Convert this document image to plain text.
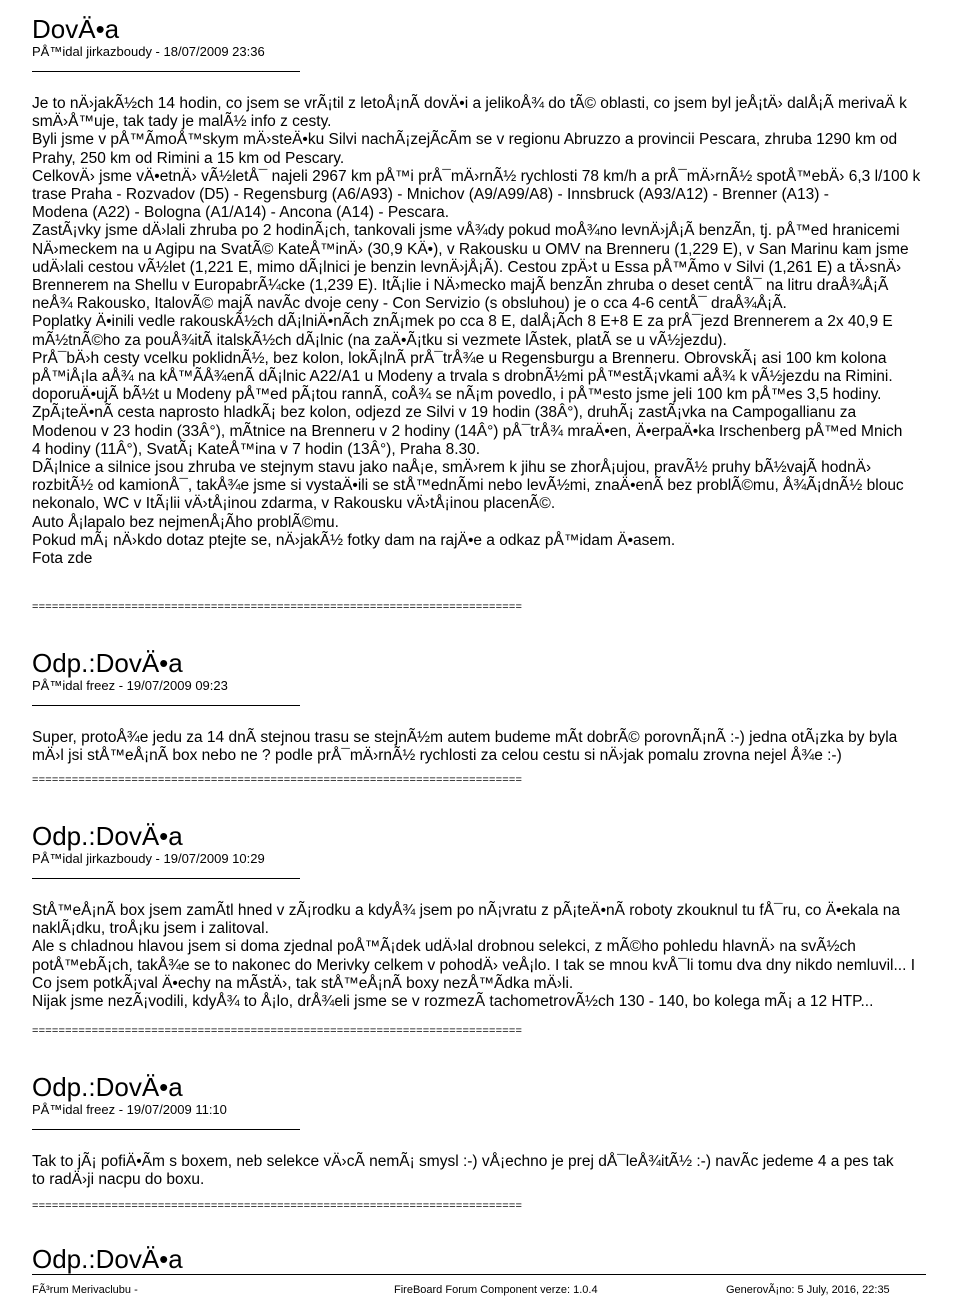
DovÄ•a
PÅ™idal jirkazboudy - 18/07/2009 23:36
Je to nÄ›jakÃ½ch 14 hodin, co jsem se vrÃ¡til z letoÅ¡nÃ dovÄ•i a jelikoÅ¾ do tÃ© oblasti, co jsem byl jeÅ¡tÄ› dalÅ¡Ã merivaÄ k
smÄ›Å™uje, tak tady je malÃ½ info z cesty.
Byli jsme v pÅ™ÃmoÅ™skym mÄ›steÄ•ku Silvi nachÃ¡zejÃcÃm se v regionu Abruzzo a provincii Pescara, zhruba 1290 km od
Prahy, 250 km od Rimini a 15 km od Pescary.
CelkovÄ› jsme vÄ•etnÄ› vÃ½letÅ¯ najeli 2967 km pÅ™i prÅ¯mÄ›rnÃ½ rychlosti 78 km/h a prÅ¯mÄ›rnÃ½ spotÅ™ebÄ› 6,3 l/100 k
trase Praha - Rozvadov (D5) - Regensburg (A6/A93) - Mnichov (A9/A99/A8) - Innsbruck (A93/A12) - Brenner (A13) -
Modena (A22) - Bologna (A1/A14) - Ancona (A14) - Pescara.
ZastÃ¡vky jsme dÄ›lali zhruba po 2 hodinÃ¡ch, tankovali jsme vÅ¾dy pokud moÅ¾no levnÄ›jÅ¡Ã benzÃn, tj. pÅ™ed hranicemi
NÄ›meckem na u Agipu na SvatÃ© KateÅ™inÄ› (30,9 KÄ•), v Rakousku u OMV na Brenneru (1,229 E), v San Marinu kam jsme
udÄ›lali cestou vÃ½let (1,221 E, mimo dÃ¡lnici je benzin levnÄ›jÅ¡Ã). Cestou zpÄ›t u Essa pÅ™Ãmo v Silvi (1,261 E) a tÄ›snÄ›
Brennerem na Shellu v EuropabrÃ¼cke (1,239 E). ItÃ¡lie i NÄ›mecko majÃ benzÃn zhruba o deset centÅ¯ na litru draÅ¾Å¡Ã
neÅ¾ Rakousko, ItalovÃ© majÃ navÃc dvoje ceny - Con Servizio (s obsluhou) je o cca 4-6 centÅ¯ draÅ¾Å¡Ã.
Poplatky Ä•inili vedle rakouskÃ½ch dÃ¡lniÄ•nÃch znÃ¡mek po cca 8 E, dalÅ¡Ãch 8 E+8 E za prÅ¯jezd Brennerem a 2x 40,9 E
mÃ½tnÃ©ho za pouÅ¾itÃ italskÃ½ch dÃ¡lnic (na zaÄ•Ã¡tku si vezmete lÃstek, platÃ se u vÃ½jezdu).
PrÅ¯bÄ›h cesty vcelku poklidnÃ½, bez kolon, lokÃ¡lnÃ prÅ¯trÅ¾e u Regensburgu a Brenneru. ObrovskÃ¡ asi 100 km kolona
pÅ™iÅ¡la aÅ¾ na kÅ™ÃÅ¾enÃ dÃ¡lnic A22/A1 u Modeny a trvala s drobnÃ½mi pÅ™estÃ¡vkami aÅ¾ k vÃ½jezdu na Rimini.
doporuÄ•ujÃ bÃ½t u Modeny pÅ™ed pÃ¡tou rannÃ, coÅ¾ se nÃ¡m povedlo, i pÅ™esto jsme jeli 100 km pÅ™es 3,5 hodiny.
ZpÃ¡teÄ•nÃ cesta naprosto hladkÃ¡ bez kolon, odjezd ze Silvi v 19 hodin (38Â°), druhÃ¡ zastÃ¡vka na Campogallianu za
Modenou v 23 hodin (33Â°), mÃtnice na Brenneru v 2 hodiny (14Â°) pÅ¯trÅ¾ mraÄ•en, Ä•erpaÄ•ka Irschenberg pÅ™ed Mnich
4 hodiny (11Â°), SvatÃ¡ KateÅ™ina v 7 hodin (13Â°), Praha 8.30.
DÃ¡lnice a silnice jsou zhruba ve stejnym stavu jako naÅ¡e, smÄ›rem k jihu se zhorÅ¡ujou, pravÃ½ pruhy bÃ½vajÃ hodnÄ›
rozbitÃ½ od kamionÅ¯, takÅ¾e jsme si vystaÄ•ili se stÅ™ednÃmi nebo levÃ½mi, znaÄ•enÃ bez problÃ©mu, Å¾Ã¡dnÃ½ blouc
nekonalo, WC v ItÃ¡lii vÄ›tÅ¡inou zdarma, v Rakousku vÄ›tÅ¡inou placenÃ©.
Auto Å¡lapalo bez nejmenÅ¡Ãho problÃ©mu.
Pokud mÃ¡ nÄ›kdo dotaz ptejte se, nÄ›jakÃ½ fotky dam na rajÄ•e a odkaz pÅ™idam Ä•asem.
Fota zde
==========================================================================
Odp.:DovÄ•a
PÅ™idal freez - 19/07/2009 09:23
Super, protoÅ¾e jedu za 14 dnÃ stejnou trasu se stejnÃ½m autem budeme mÃt dobrÃ© porovnÃ¡nÃ :-) jedna otÃ¡zka by byla
mÄ›l jsi stÅ™eÅ¡nÃ box nebo ne ? podle prÅ¯mÄ›rnÃ½ rychlosti za celou cestu si nÄ›jak pomalu zrovna nejel Å¾e :-)
==========================================================================
Odp.:DovÄ•a
PÅ™idal jirkazboudy - 19/07/2009 10:29
StÅ™eÅ¡nÃ box jsem zamÃtl hned v zÃ¡rodku a kdyÅ¾ jsem po nÃ¡vratu z pÃ¡teÄ•nÃ roboty zkouknul tu fÅ¯ru, co Ä•ekala na
naklÃ¡dku, troÅ¡ku jsem i zalitoval.
Ale s chladnou hlavou jsem si doma zjednal poÅ™Ã¡dek udÄ›lal drobnou selekci, z mÃ©ho pohledu hlavnÄ› na svÃ½ch
potÅ™ebÃ¡ch, takÅ¾e se to nakonec do Merivky celkem v pohodÄ› veÅ¡lo. I tak se mnou kvÅ¯li tomu dva dny nikdo nemluvil... I
Co jsem potkÃ¡val Ä•echy na mÃstÄ›, tak stÅ™eÅ¡nÃ boxy nezÅ™Ãdka mÄ›li.
Nijak jsme nezÃ¡vodili, kdyÅ¾ to Å¡lo, drÅ¾eli jsme se v rozmezÃ tachometrovÃ½ch 130 - 140, bo kolega mÃ¡ a 12 HTP...
==========================================================================
Odp.:DovÄ•a
PÅ™idal freez - 19/07/2009 11:10
Tak to jÃ¡ pofiÄ•Ãm s boxem, neb selekce vÄ›cÃ nemÃ¡ smysl :-) vÅ¡echno je prej dÅ¯leÅ¾itÃ½ :-) navÃc jedeme 4 a pes tak
to radÄ›ji nacpu do boxu.
==========================================================================
Odp.:DovÄ•a
FÃ³rum Merivaclubu -	FireBoard Forum Component verze: 1.0.4	GenerovÃ¡no: 5 July, 2016, 22:35
